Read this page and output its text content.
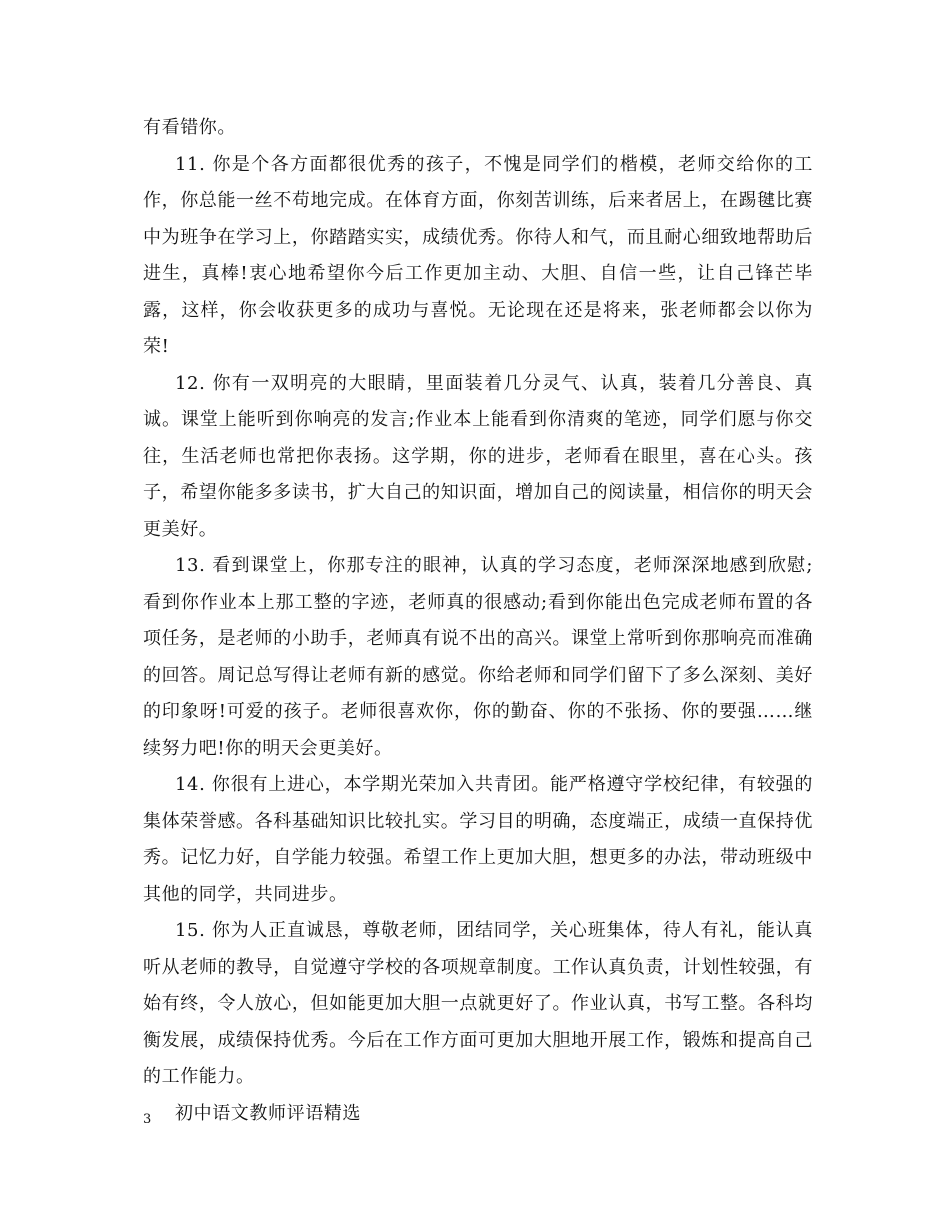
有看错你。

11. 你是个各方面都很优秀的孩子，不愧是同学们的楷模，老师交给你的工作，你总能一丝不苟地完成。在体育方面，你刻苦训练，后来者居上，在踢毽比赛中为班争在学习上，你踏踏实实，成绩优秀。你待人和气，而且耐心细致地帮助后进生，真棒!衷心地希望你今后工作更加主动、大胆、自信一些，让自己锋芒毕露，这样，你会收获更多的成功与喜悦。无论现在还是将来，张老师都会以你为荣!

12. 你有一双明亮的大眼睛，里面装着几分灵气、认真，装着几分善良、真诚。课堂上能听到你响亮的发言;作业本上能看到你清爽的笔迹，同学们愿与你交往，生活老师也常把你表扬。这学期，你的进步，老师看在眼里，喜在心头。孩子，希望你能多多读书，扩大自己的知识面，增加自己的阅读量，相信你的明天会更美好。

13. 看到课堂上，你那专注的眼神，认真的学习态度，老师深深地感到欣慰;看到你作业本上那工整的字迹，老师真的很感动;看到你能出色完成老师布置的各项任务，是老师的小助手，老师真有说不出的高兴。课堂上常听到你那响亮而准确的回答。周记总写得让老师有新的感觉。你给老师和同学们留下了多么深刻、美好的印象呀!可爱的孩子。老师很喜欢你，你的勤奋、你的不张扬、你的要强……继续努力吧!你的明天会更美好。

14. 你很有上进心，本学期光荣加入共青团。能严格遵守学校纪律，有较强的集体荣誉感。各科基础知识比较扎实。学习目的明确，态度端正，成绩一直保持优秀。记忆力好，自学能力较强。希望工作上更加大胆，想更多的办法，带动班级中其他的同学，共同进步。

15. 你为人正直诚恳，尊敬老师，团结同学，关心班集体，待人有礼，能认真听从老师的教导，自觉遵守学校的各项规章制度。工作认真负责，计划性较强，有始有终，令人放心，但如能更加大胆一点就更好了。作业认真，书写工整。各科均衡发展，成绩保持优秀。今后在工作方面可更加大胆地开展工作，锻炼和提高自己的工作能力。

初中语文教师评语精选

3
